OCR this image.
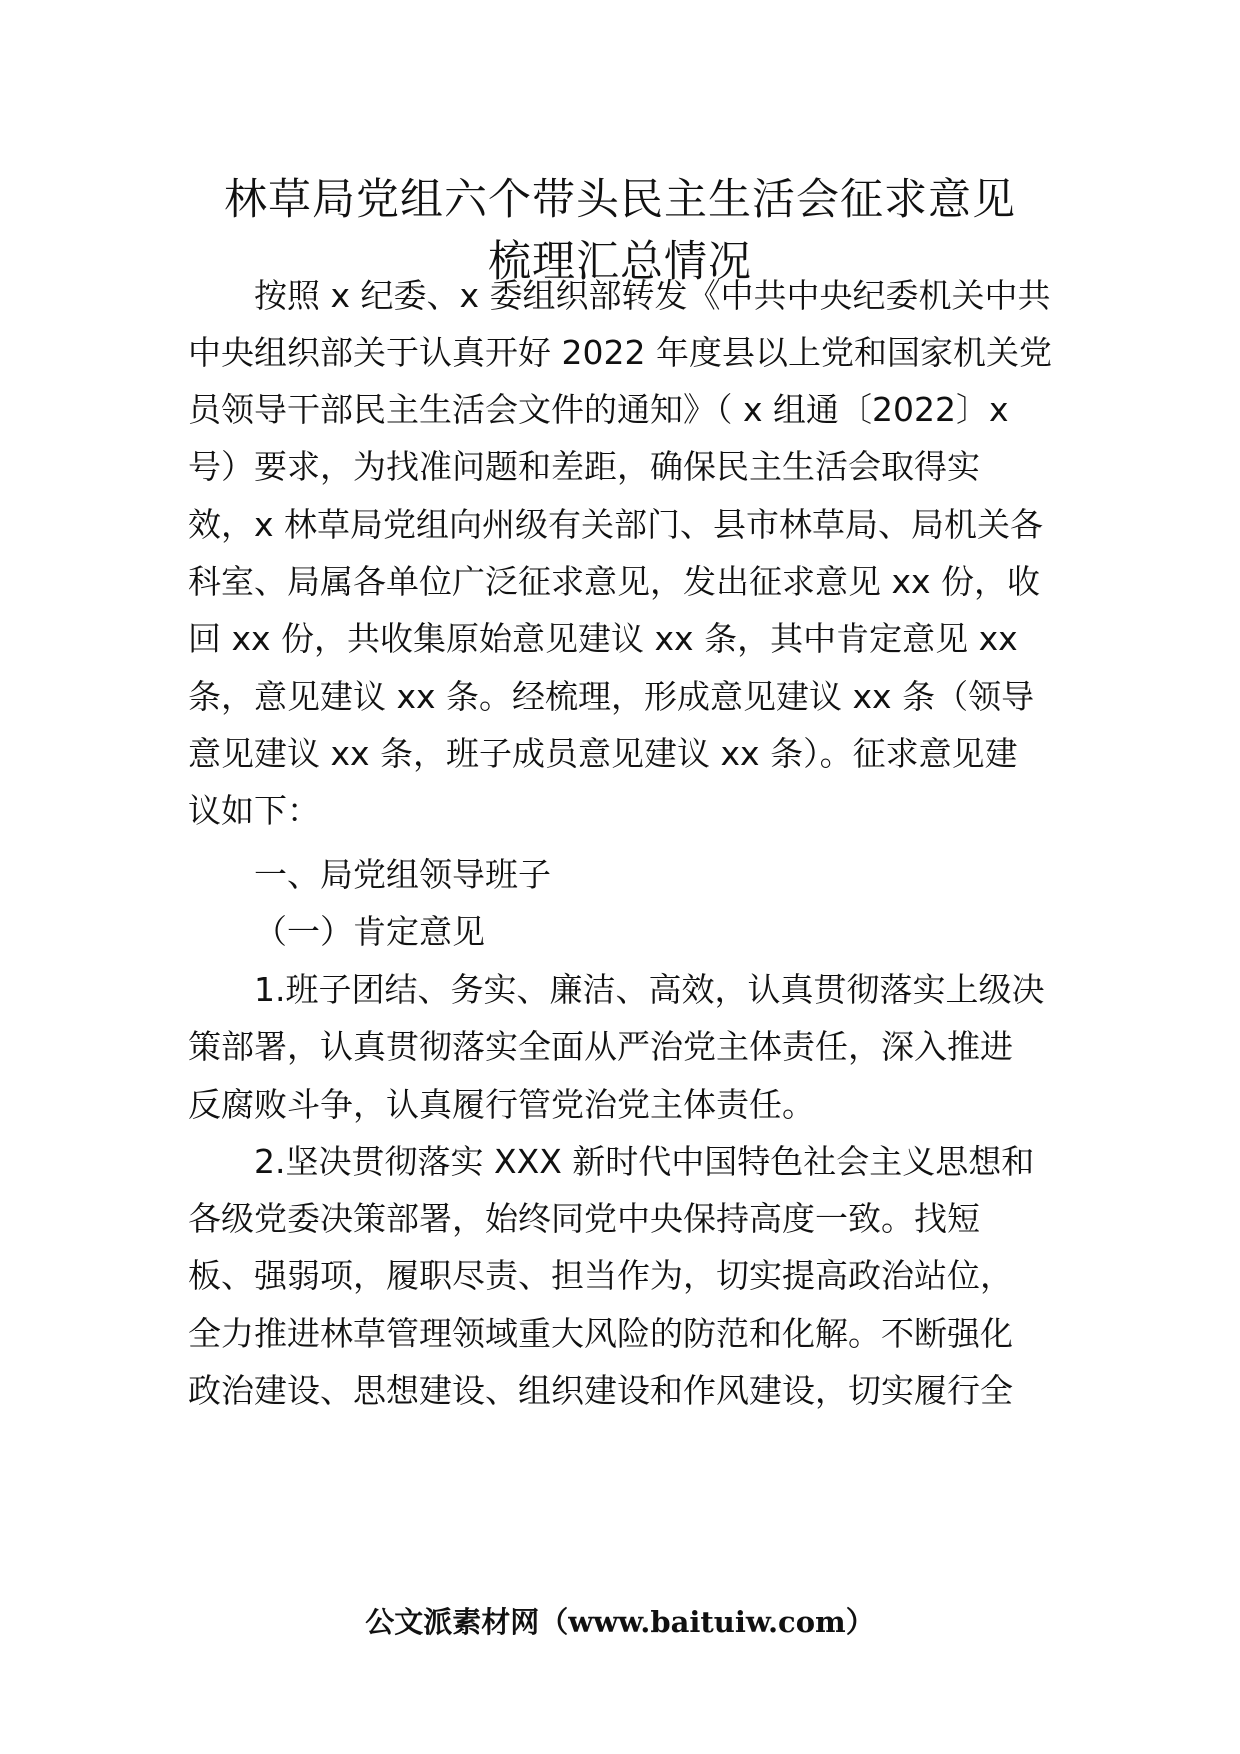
林草局党组六个带头民主生活会征求意见
梳理汇总情况
按照 x 纪委、x 委组织部转发《中共中央纪委机关中共
中央组织部关于认真开好 2022 年度县以上党和国家机关党
员领导干部民主生活会文件的通知》（ x 组通〔2022〕x
号）要求，为找准问题和差距，确保民主生活会取得实
效，x 林草局党组向州级有关部门、县市林草局、局机关各
科室、局属各单位广泛征求意见，发出征求意见 xx 份，收
回 xx 份，共收集原始意见建议 xx 条，其中肯定意见 xx
条，意见建议 xx 条。经梳理，形成意见建议 xx 条（领导
意见建议 xx 条，班子成员意见建议 xx 条）。征求意见建
议如下：
一、局党组领导班子
（一）肯定意见
1.班子团结、务实、廉洁、高效，认真贯彻落实上级决
策部署，认真贯彻落实全面从严治党主体责任，深入推进
反腐败斗争，认真履行管党治党主体责任。
2.坚决贯彻落实 XXX 新时代中国特色社会主义思想和
各级党委决策部署，始终同党中央保持高度一致。找短
板、强弱项，履职尽责、担当作为，切实提高政治站位，
全力推进林草管理领域重大风险的防范和化解。不断强化
政治建设、思想建设、组织建设和作风建设，切实履行全
公文派素材网（www.baituiw.com）
